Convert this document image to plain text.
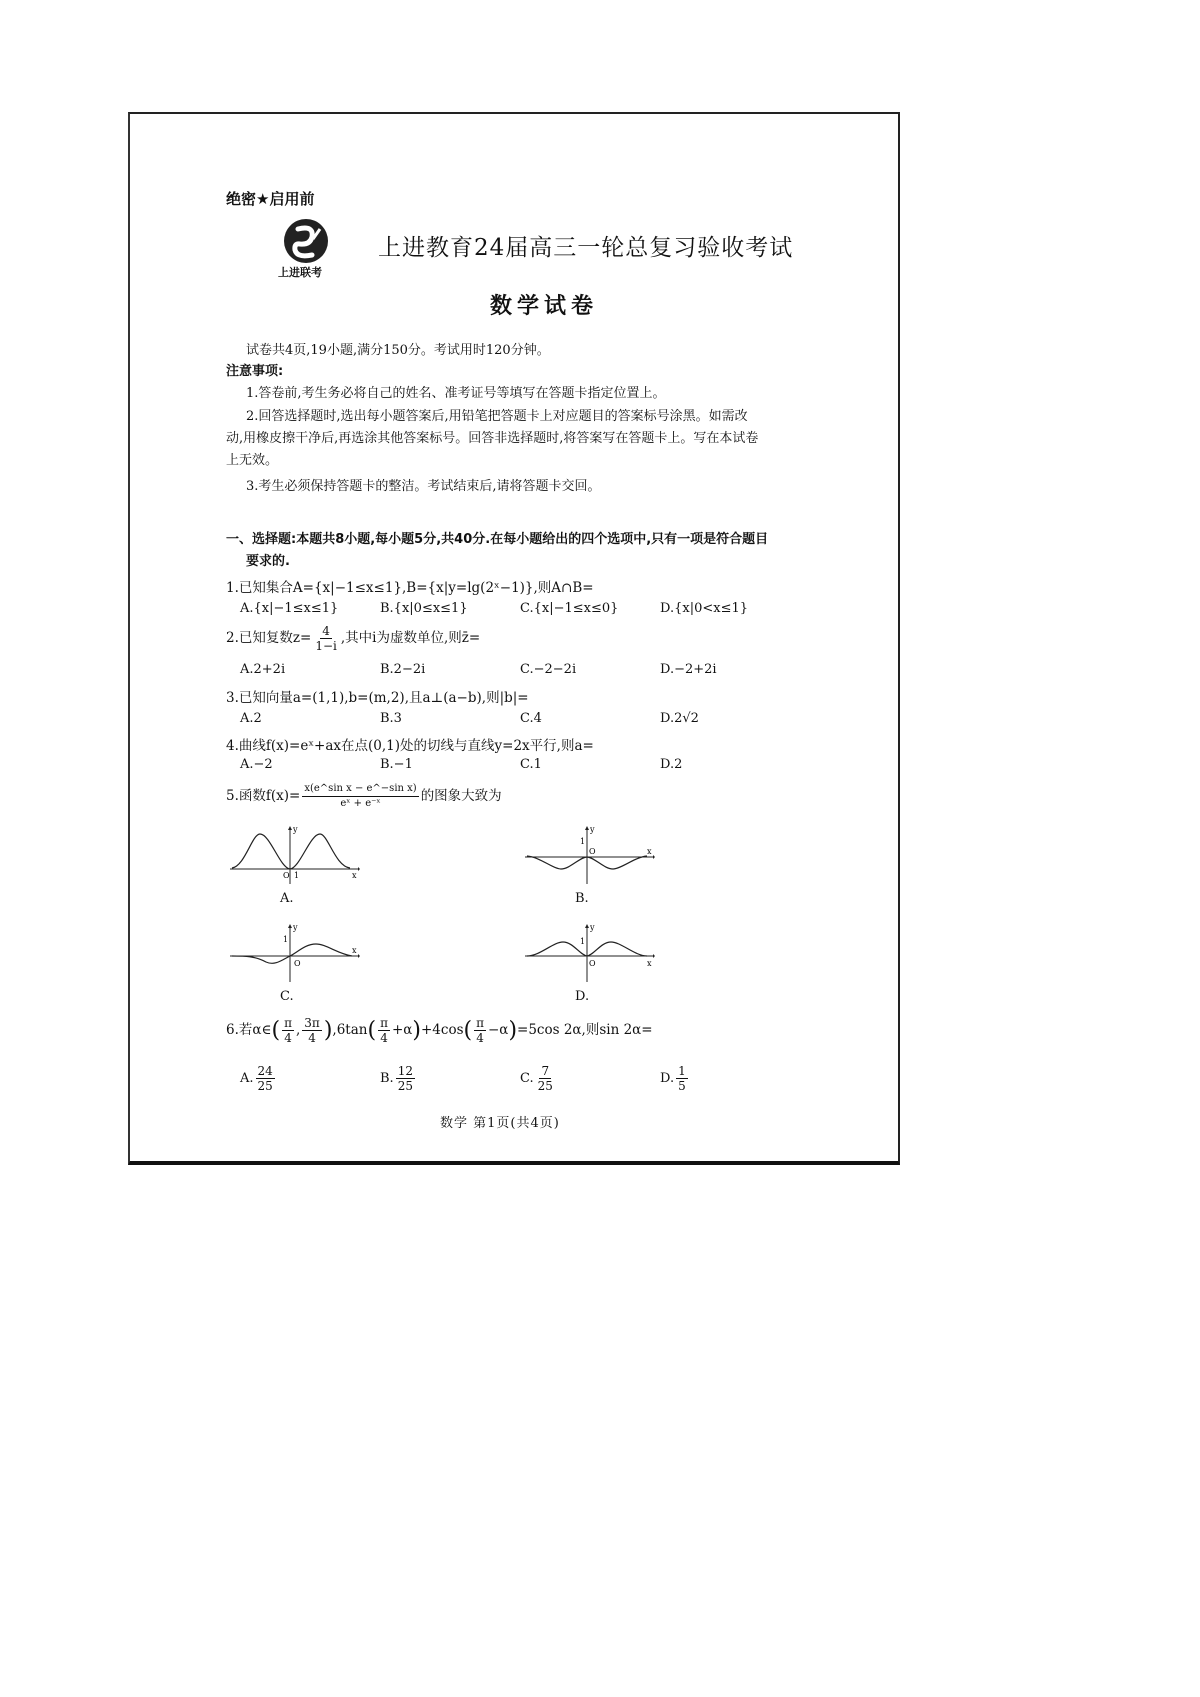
绝密★启用前
上进联考
上进教育24届高三一轮总复习验收考试
数学试卷
试卷共4页,19小题,满分150分。考试用时120分钟。
注意事项:
1.答卷前,考生务必将自己的姓名、准考证号等填写在答题卡指定位置上。
2.回答选择题时,选出每小题答案后,用铅笔把答题卡上对应题目的答案标号涂黑。如需改
动,用橡皮擦干净后,再选涂其他答案标号。回答非选择题时,将答案写在答题卡上。写在本试卷
上无效。
3.考生必须保持答题卡的整洁。考试结束后,请将答题卡交回。
一、选择题:本题共8小题,每小题5分,共40分.在每小题给出的四个选项中,只有一项是符合题目
要求的.
1.已知集合A={x|−1≤x≤1},B={x|y=lg(2ˣ−1)},则A∩B=
A.{x|−1≤x≤1}	B.{x|0≤x≤1}	C.{x|−1≤x≤0}	D.{x|0<x≤1}
2.已知复数$z= \frac{4}{1-i}$ ,其中i为虚数单位,则z̄=
A.2+2i	B.2−2i	C.−2−2i	D.−2+2i
3.已知向量a=(1,1),b=(m,2),且a⊥(a−b),则|b|=
A.2	B.3	C.4	D.2√2
4.曲线f(x)=eˣ+ax在点(0,1)处的切线与直线y=2x平行,则a=
A.−2	B.−1	C.1	D.2
5.函数$f(x)= \frac{\text{x(e\textasciicircum{}sin x − e\textasciicircum{}−sin x)}}{\text{eˣ + e⁻ˣ}}$ 的图象大致为
y
x
O 1
A.
y
x
O
1
B.
y
x
O
1
C.
y
x
O
1
D.
6.若α∈( $\frac{\pi}{4}$ , $\frac{3\pi}{4} ),6\tan( \frac{\pi}{4} +\alpha)+4\cos( \frac{\pi}{4} -\alpha)=5\cos$ 2α,则sin 2α=
A. $\frac{24}{25}$	B. $\frac{12}{25}$	C. $\frac{7}{25}$	D. $\frac{1}{5}$
数学 第1页(共4页)
